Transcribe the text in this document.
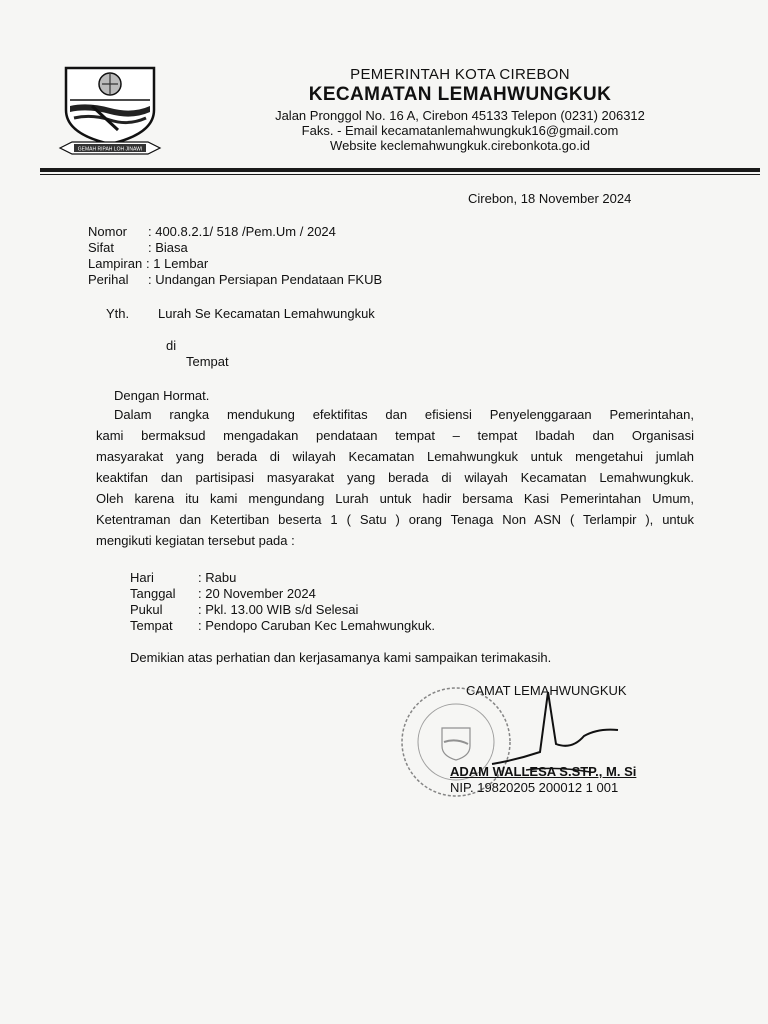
GEMAH RIPAH LOH JINAWI
PEMERINTAH KOTA CIREBON
KECAMATAN LEMAHWUNGKUK
Jalan Pronggol No. 16 A, Cirebon 45133 Telepon (0231) 206312
Faks. - Email kecamatanlemahwungkuk16@gmail.com
Website keclemahwungkuk.cirebonkota.go.id
Cirebon, 18 November 2024
Nomor : 400.8.2.1/ 518 /Pem.Um / 2024
Sifat	: Biasa
Lampiran : 1 Lembar
Perihal : Undangan Persiapan Pendataan FKUB
Yth. Lurah Se Kecamatan Lemahwungkuk
di
Tempat
Dengan Hormat.
Dalam rangka mendukung efektifitas dan efisiensi Penyelenggaraan Pemerintahan,
kami bermaksud mengadakan pendataan tempat – tempat Ibadah dan Organisasi
masyarakat yang berada di wilayah Kecamatan Lemahwungkuk untuk mengetahui jumlah
keaktifan dan partisipasi masyarakat yang berada di wilayah Kecamatan Lemahwungkuk.
Oleh karena itu kami mengundang Lurah untuk hadir bersama Kasi Pemerintahan Umum,
Ketentraman dan Ketertiban beserta 1 ( Satu ) orang Tenaga Non ASN ( Terlampir ), untuk
mengikuti kegiatan tersebut pada :
Hari	: Rabu
Tanggal : 20 November 2024
Pukul	: Pkl. 13.00 WIB s/d Selesai
Tempat : Pendopo Caruban Kec Lemahwungkuk.
Demikian atas perhatian dan kerjasamanya kami sampaikan terimakasih.
CAMAT LEMAHWUNGKUK
ADAM WALLESA S.STP., M. Si
NIP. 19820205 200012 1 001
